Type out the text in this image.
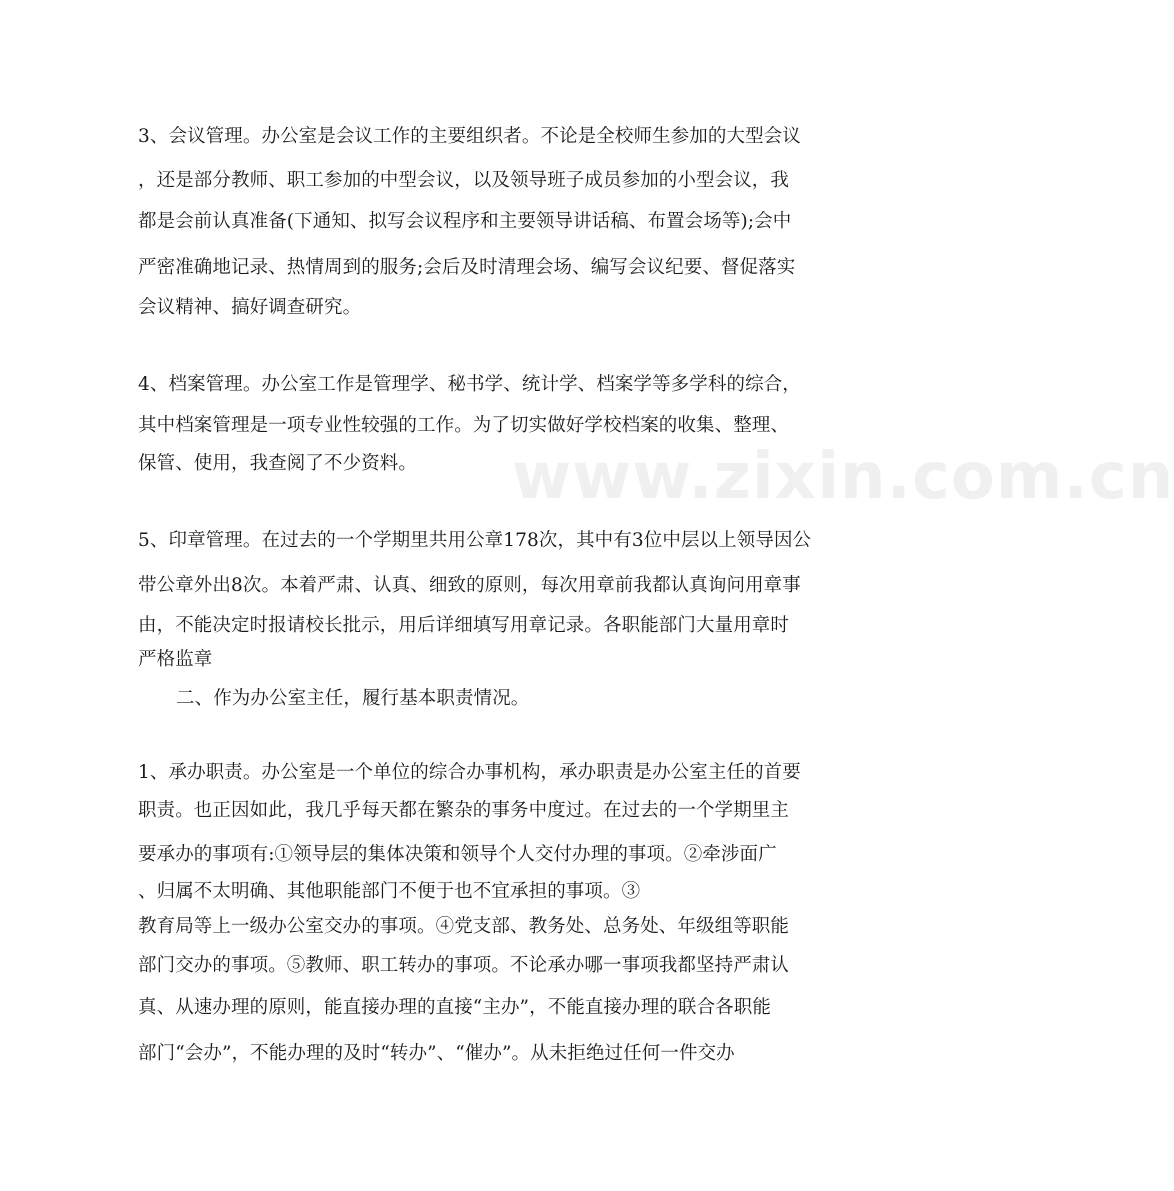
www.zixin.com.cn
3、会议管理。办公室是会议工作的主要组织者。不论是全校师生参加的大型会议
，还是部分教师、职工参加的中型会议，以及领导班子成员参加的小型会议，我
都是会前认真准备(下通知、拟写会议程序和主要领导讲话稿、布置会场等);会中
严密准确地记录、热情周到的服务;会后及时清理会场、编写会议纪要、督促落实
会议精神、搞好调查研究。
4、档案管理。办公室工作是管理学、秘书学、统计学、档案学等多学科的综合，
其中档案管理是一项专业性较强的工作。为了切实做好学校档案的收集、整理、
保管、使用，我查阅了不少资料。
5、印章管理。在过去的一个学期里共用公章178次，其中有3位中层以上领导因公
带公章外出8次。本着严肃、认真、细致的原则，每次用章前我都认真询问用章事
由，不能决定时报请校长批示，用后详细填写用章记录。各职能部门大量用章时
严格监章
二、作为办公室主任，履行基本职责情况。
1、承办职责。办公室是一个单位的综合办事机构，承办职责是办公室主任的首要
职责。也正因如此，我几乎每天都在繁杂的事务中度过。在过去的一个学期里主
要承办的事项有:①领导层的集体决策和领导个人交付办理的事项。②牵涉面广
、归属不太明确、其他职能部门不便于也不宜承担的事项。③
教育局等上一级办公室交办的事项。④党支部、教务处、总务处、年级组等职能
部门交办的事项。⑤教师、职工转办的事项。不论承办哪一事项我都坚持严肃认
真、从速办理的原则，能直接办理的直接“主办”，不能直接办理的联合各职能
部门“会办”，不能办理的及时“转办”、“催办”。从未拒绝过任何一件交办
